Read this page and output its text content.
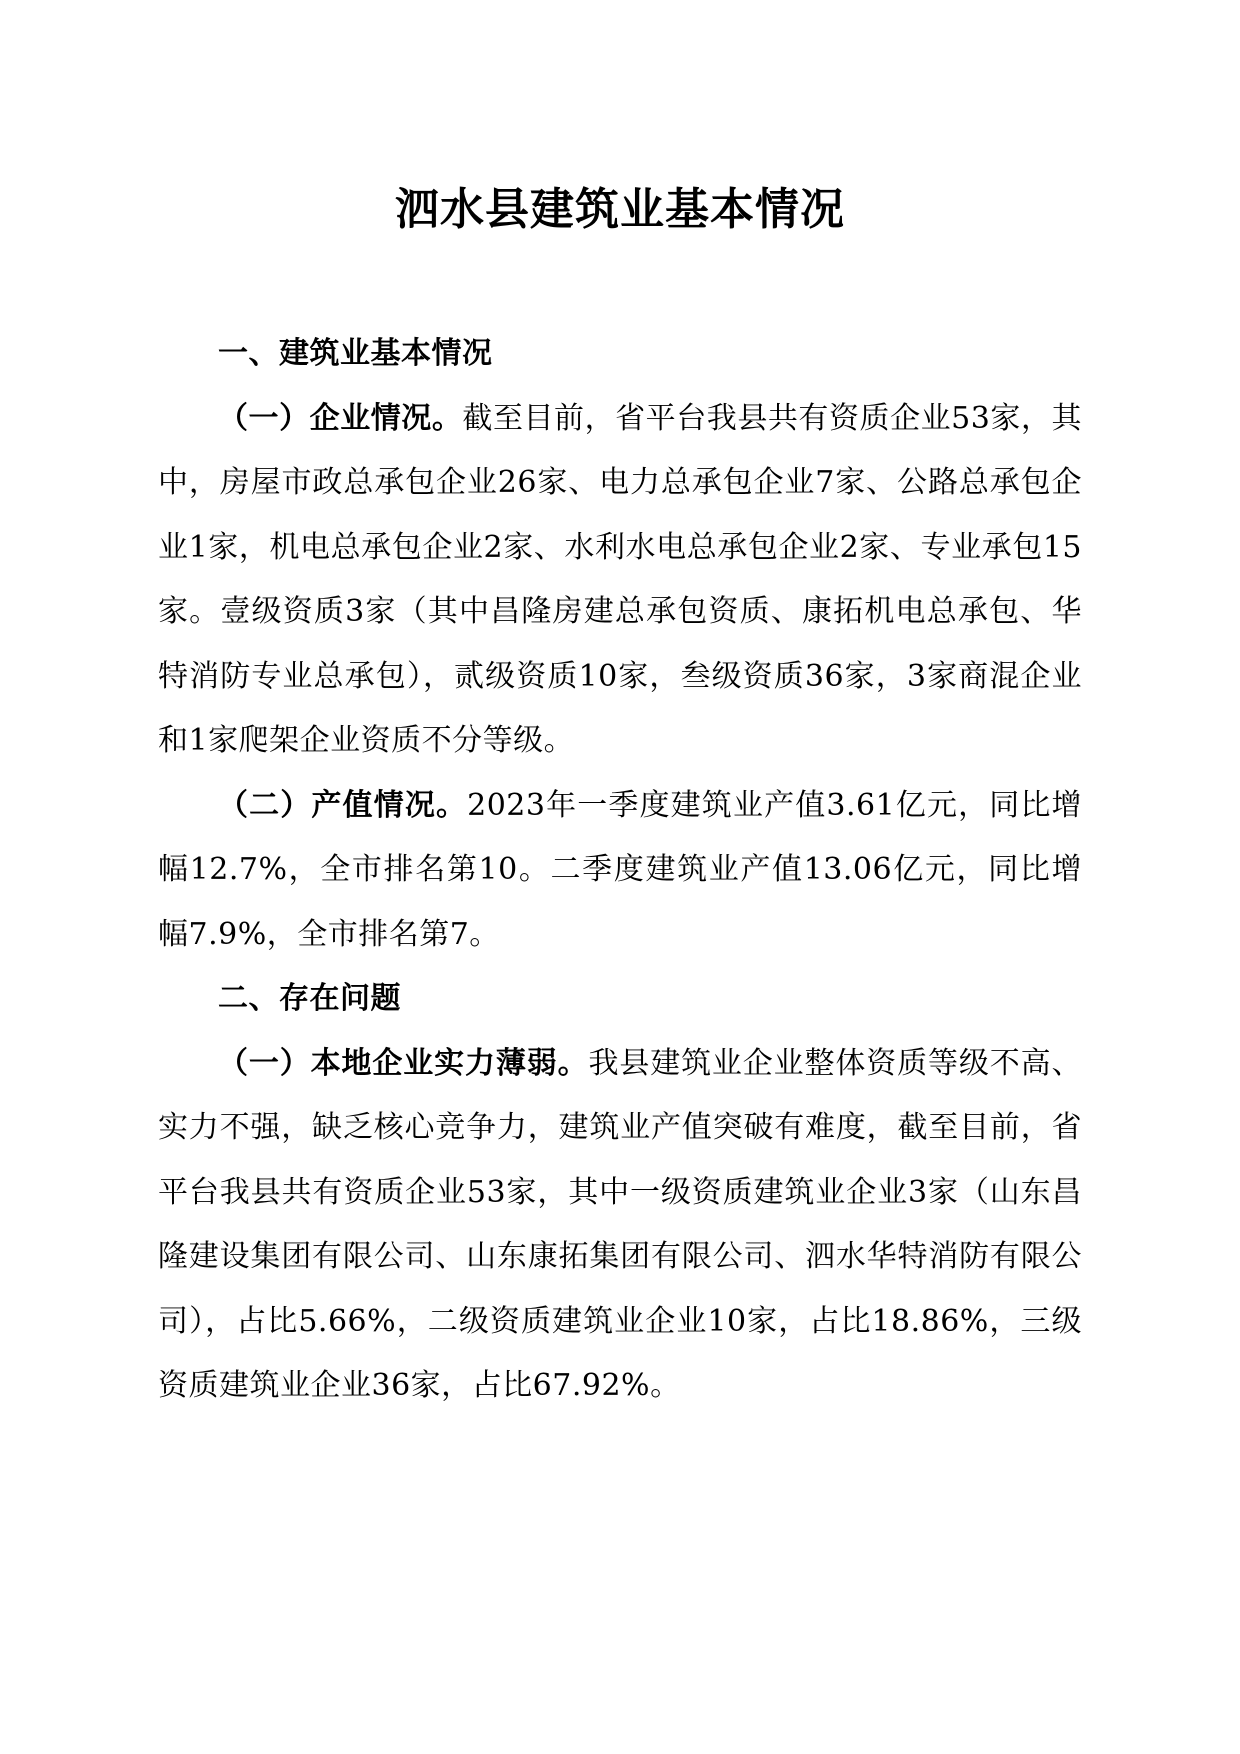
泗水县建筑业基本情况

一、建筑业基本情况

（一）企业情况。截至目前，省平台我县共有资质企业53家，其中，房屋市政总承包企业26家、电力总承包企业7家、公路总承包企业1家，机电总承包企业2家、水利水电总承包企业2家、专业承包15家。壹级资质3家（其中昌隆房建总承包资质、康拓机电总承包、华特消防专业总承包），贰级资质10家，叁级资质36家，3家商混企业和1家爬架企业资质不分等级。

（二）产值情况。2023年一季度建筑业产值3.61亿元，同比增幅12.7%，全市排名第10。二季度建筑业产值13.06亿元，同比增幅7.9%，全市排名第7。

二、存在问题

（一）本地企业实力薄弱。我县建筑业企业整体资质等级不高、实力不强，缺乏核心竞争力，建筑业产值突破有难度，截至目前，省平台我县共有资质企业53家，其中一级资质建筑业企业3家（山东昌隆建设集团有限公司、山东康拓集团有限公司、泗水华特消防有限公司），占比5.66%，二级资质建筑业企业10家，占比18.86%，三级资质建筑业企业36家，占比67.92%。
